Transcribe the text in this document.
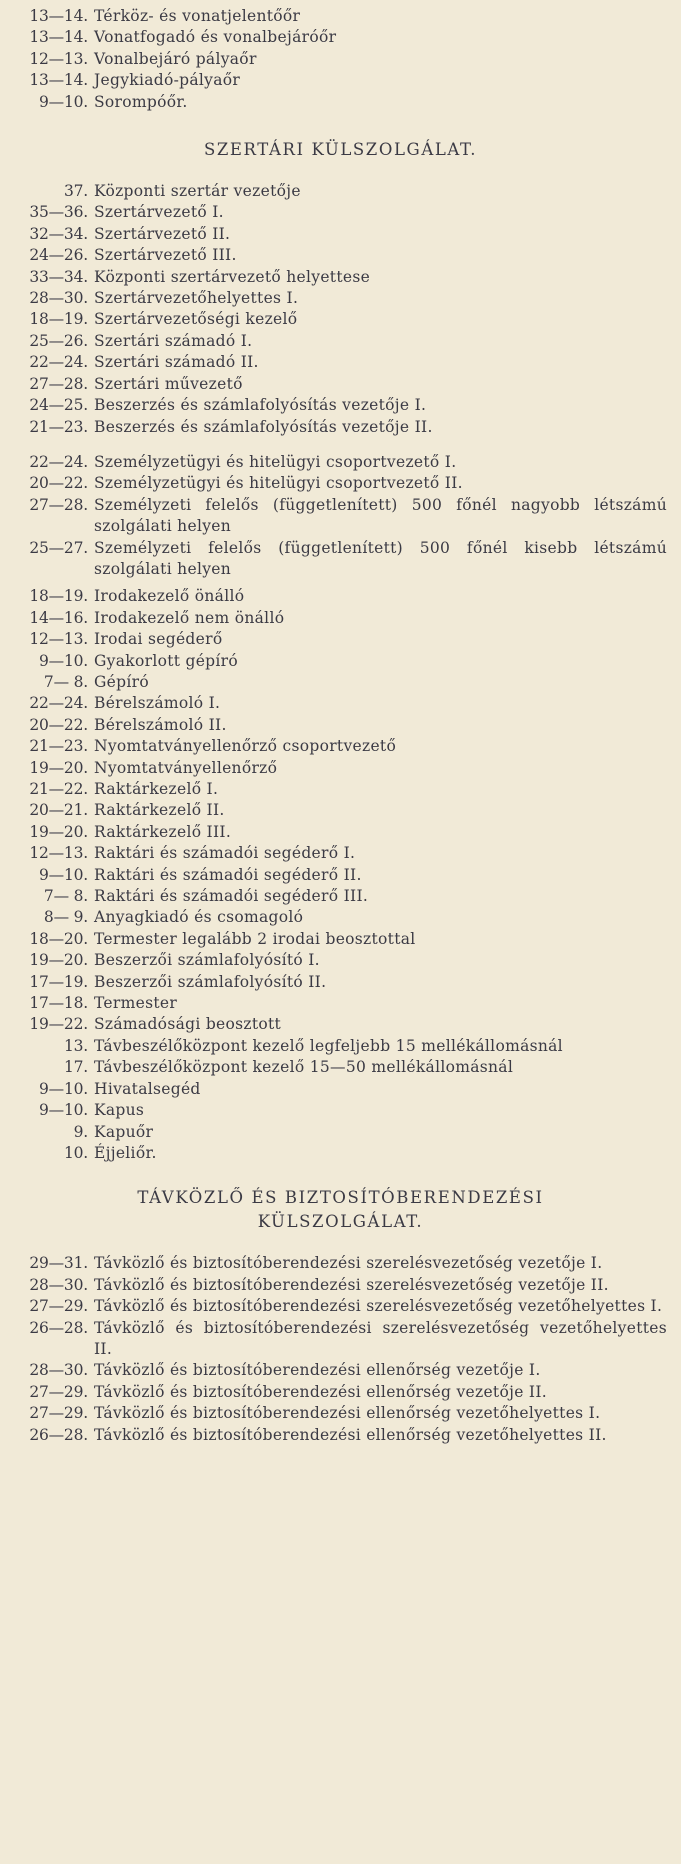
13—14. Térköz- és vonatjelentőőr
13—14. Vonatfogadó és vonalbejáróőr
12—13. Vonalbejáró pályaőr
13—14. Jegykiadó-pályaőr
9—10. Sorompóőr.
SZERTÁRI KÜLSZOLGÁLAT.
37. Központi szertár vezetője
35—36. Szertárvezető I.
32—34. Szertárvezető II.
24—26. Szertárvezető III.
33—34. Központi szertárvezető helyettese
28—30. Szertárvezetőhelyettes I.
18—19. Szertárvezetőségi kezelő
25—26. Szertári számadó I.
22—24. Szertári számadó II.
27—28. Szertári művezető
24—25. Beszerzés és számlafolyósítás vezetője I.
21—23. Beszerzés és számlafolyósítás vezetője II.
22—24. Személyzetügyi és hitelügyi csoportvezető I.
20—22. Személyzetügyi és hitelügyi csoportvezető II.
27—28. Személyzeti felelős (függetlenített) 500 főnél nagyobb létszámú szolgálati helyen
25—27. Személyzeti felelős (függetlenített) 500 főnél kisebb létszámú szolgálati helyen
18—19. Irodakezelő önálló
14—16. Irodakezelő nem önálló
12—13. Irodai segéderő
9—10. Gyakorlott gépíró
7— 8. Gépíró
22—24. Bérelszámoló I.
20—22. Bérelszámoló II.
21—23. Nyomtatványellenőrző csoportvezető
19—20. Nyomtatványellenőrző
21—22. Raktárkezelő I.
20—21. Raktárkezelő II.
19—20. Raktárkezelő III.
12—13. Raktári és számadói segéderő I.
9—10. Raktári és számadói segéderő II.
7— 8. Raktári és számadói segéderő III.
8— 9. Anyagkiadó és csomagoló
18—20. Termester legalább 2 irodai beosztottal
19—20. Beszerzői számlafolyósító I.
17—19. Beszerzői számlafolyósító II.
17—18. Termester
19—22. Számadósági beosztott
13. Távbeszélőközpont kezelő legfeljebb 15 mellékállomásnál
17. Távbeszélőközpont kezelő 15—50 mellékállomásnál
9—10. Hivatalsegéd
9—10. Kapus
9. Kapuőr
10. Éjjeliőr.
TÁVKÖZLŐ ÉS BIZTOSÍTÓBERENDEZÉSI
KÜLSZOLGÁLAT.
29—31. Távközlő és biztosítóberendezési szerelésvezetőség vezetője I.
28—30. Távközlő és biztosítóberendezési szerelésvezetőség vezetője II.
27—29. Távközlő és biztosítóberendezési szerelésvezetőség vezetőhelyettes I.
26—28. Távközlő és biztosítóberendezési szerelésvezetőség vezetőhelyettes II.
28—30. Távközlő és biztosítóberendezési ellenőrség vezetője I.
27—29. Távközlő és biztosítóberendezési ellenőrség vezetője II.
27—29. Távközlő és biztosítóberendezési ellenőrség vezetőhelyettes I.
26—28. Távközlő és biztosítóberendezési ellenőrség vezetőhelyettes II.
